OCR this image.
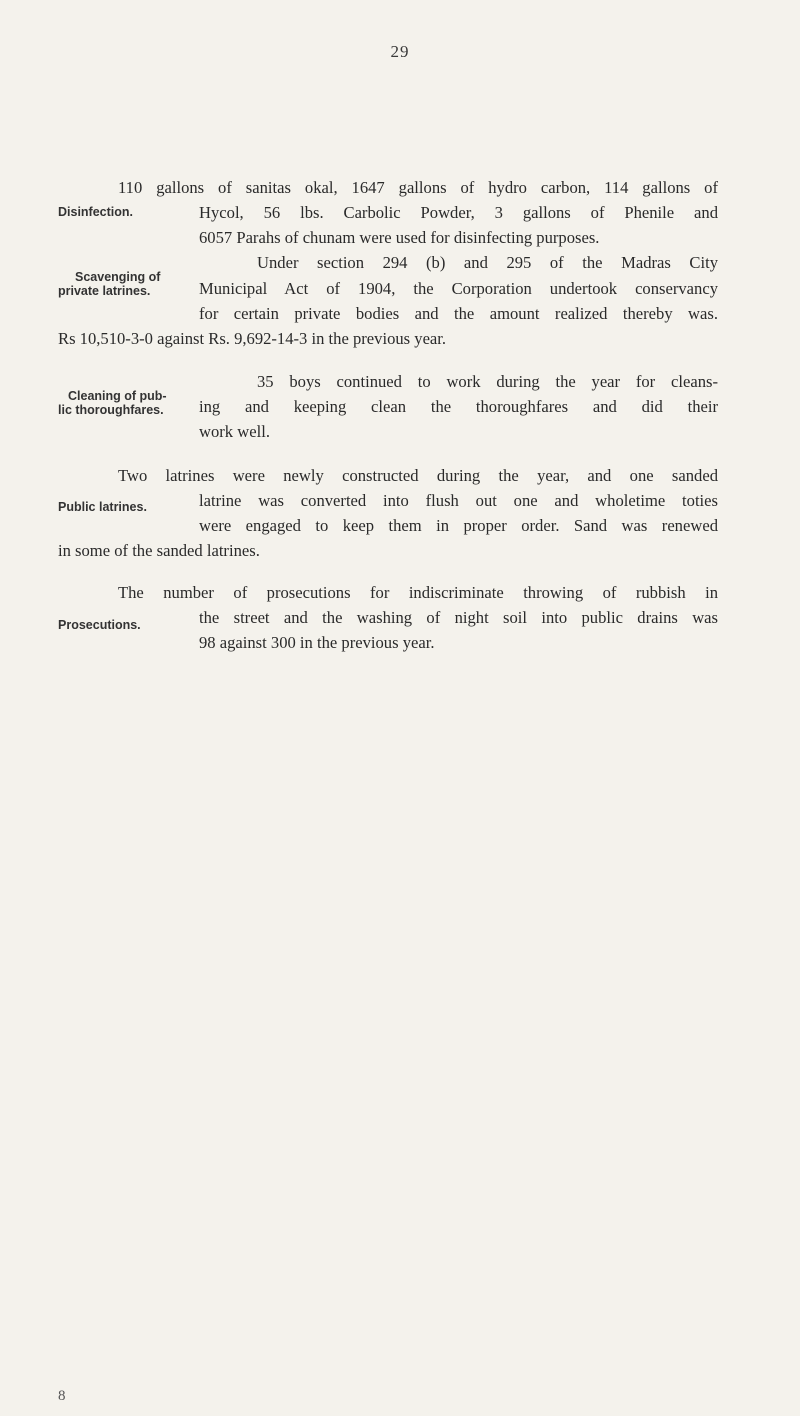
29
110 gallons of sanitas okal, 1647 gallons of hydro carbon, 114 gallons of
Disinfection.	Hycol, 56 lbs. Carbolic Powder, 3 gallons of Phenile and
6057 Parahs of chunam were used for disinfecting purposes.
Under section 294 (b) and 295 of the Madras City
Scavenging of
private latrines.	Municipal Act of 1904, the Corporation undertook conservancy
for certain private bodies and the amount realized thereby was.
Rs 10,510-3-0 against Rs. 9,692-14-3 in the previous year.
35 boys continued to work during the year for cleans-
Cleaning of pub-
lic thoroughfares. ing and keeping clean the thoroughfares and did their
work well.
Two latrines were newly constructed during the year, and one sanded
Public latrines.	latrine was converted into flush out one and wholetime toties
were engaged to keep them in proper order. Sand was renewed
in some of the sanded latrines.
The number of prosecutions for indiscriminate throwing of rubbish in
Prosecutions.	the street and the washing of night soil into public drains was
98 against 300 in the previous year.
8
